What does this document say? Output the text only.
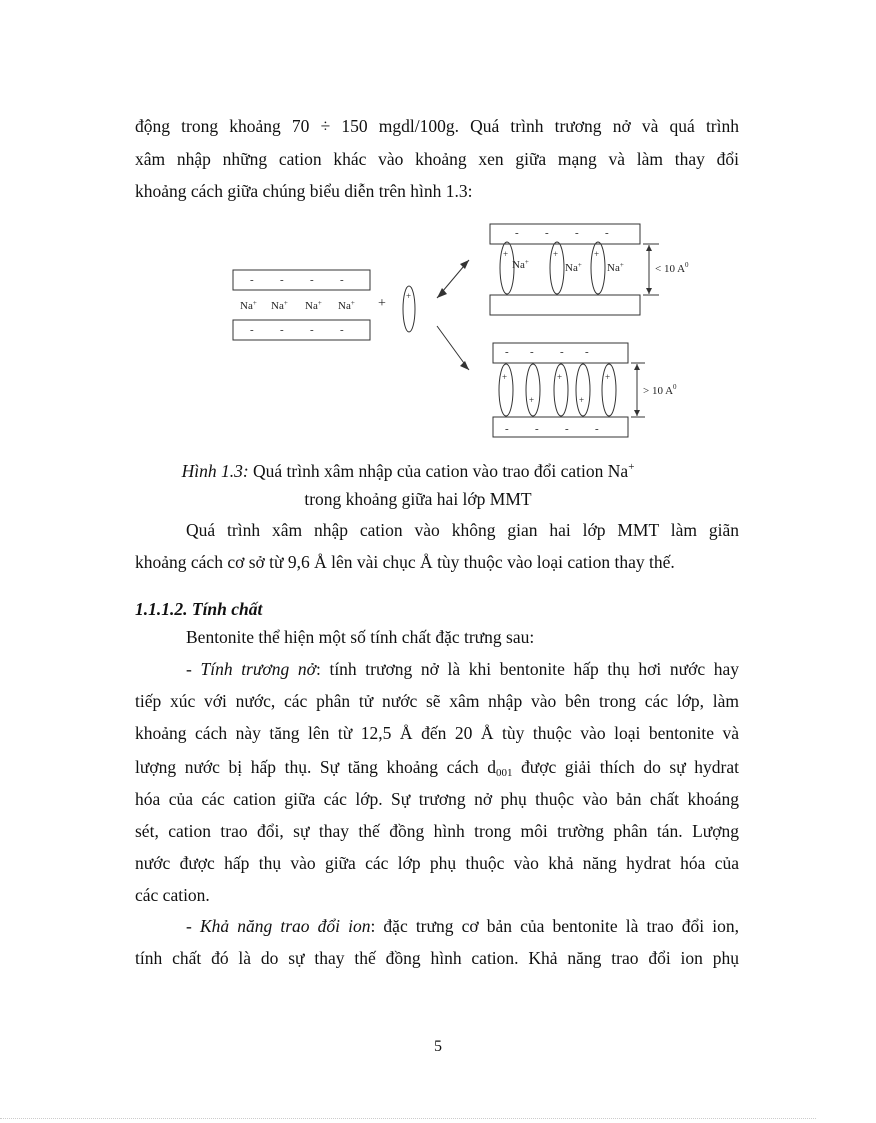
động trong khoảng 70 ÷ 150 mgdl/100g. Quá trình trương nở và quá trình
xâm nhập những cation khác vào khoảng xen giữa mạng và làm thay đổi
khoảng cách giữa chúng biểu diễn trên hình 1.3:
- - - -
- - - -
- - - -
- - - -
- - - -
Na+ Na+ Na+ Na+ + +
Na+	Na+ Na+
+	+	+
+
+
+
+
+
< 10 $A^0$
> 10 $A^0$
Hình 1.3: Quá trình xâm nhập của cation vào trao đổi cation Na+
trong khoảng giữa hai lớp MMT
Quá trình xâm nhập cation vào không gian hai lớp MMT làm giãn
khoảng cách cơ sở từ 9,6 Å lên vài chục Å tùy thuộc vào loại cation thay thế.
1.1.1.2. Tính chất
Bentonite thể hiện một số tính chất đặc trưng sau:
- Tính trương nở: tính trương nở là khi bentonite hấp thụ hơi nước hay
tiếp xúc với nước, các phân tử nước sẽ xâm nhập vào bên trong các lớp, làm
khoảng cách này tăng lên từ 12,5 Å đến 20 Å tùy thuộc vào loại bentonite và
lượng nước bị hấp thụ. Sự tăng khoảng cách $d_{001}$ được giải thích do sự hydrat
hóa của các cation giữa các lớp. Sự trương nở phụ thuộc vào bản chất khoáng
sét, cation trao đổi, sự thay thế đồng hình trong môi trường phân tán. Lượng
nước được hấp thụ vào giữa các lớp phụ thuộc vào khả năng hydrat hóa của
các cation.
- Khả năng trao đổi ion: đặc trưng cơ bản của bentonite là trao đổi ion,
tính chất đó là do sự thay thế đồng hình cation. Khả năng trao đổi ion phụ
5
